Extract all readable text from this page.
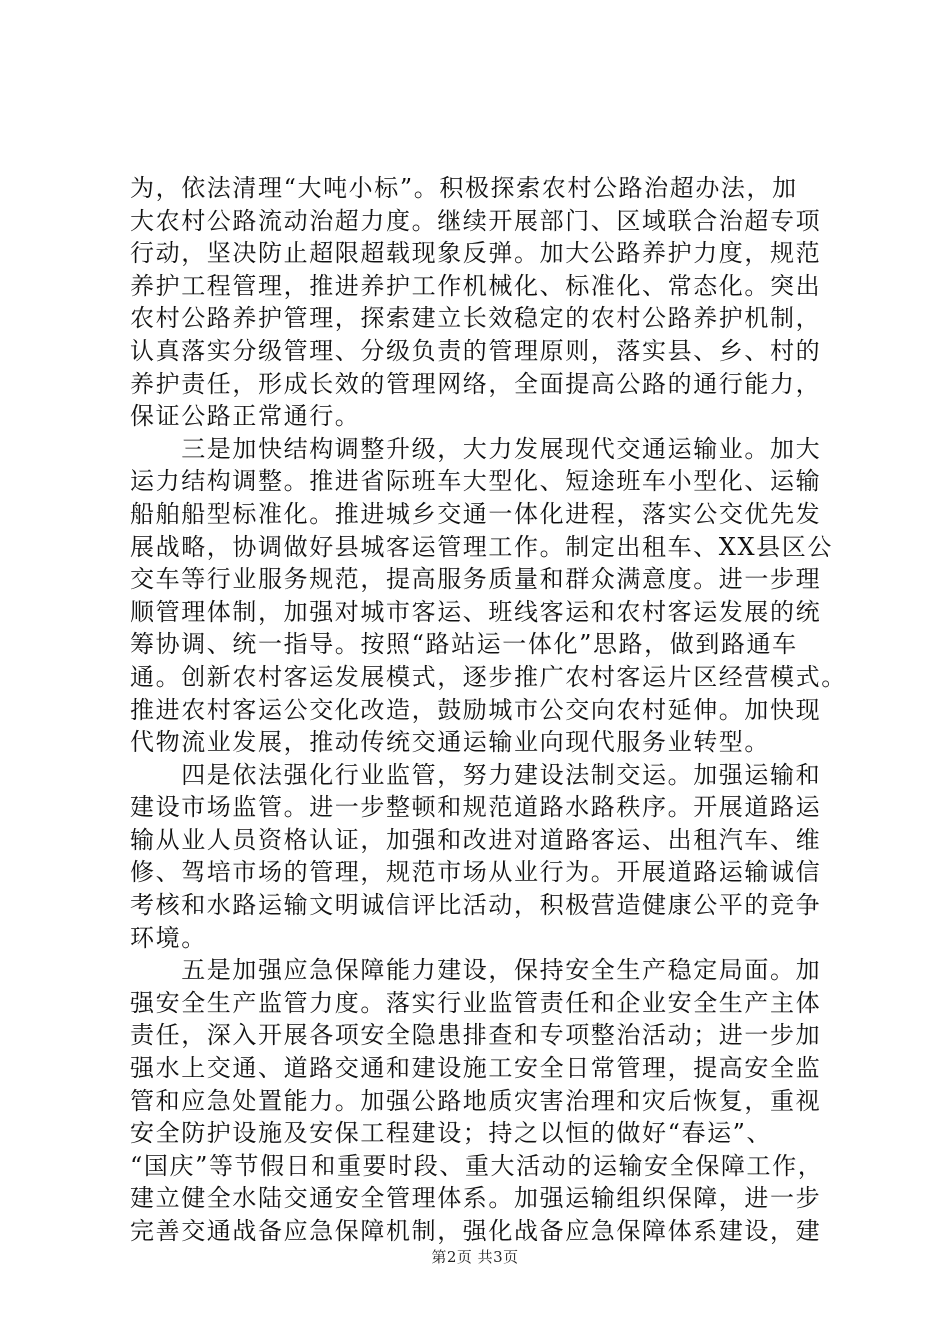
为，依法清理“大吨小标”。积极探索农村公路治超办法，加
大农村公路流动治超力度。继续开展部门、区域联合治超专项
行动，坚决防止超限超载现象反弹。加大公路养护力度，规范
养护工程管理，推进养护工作机械化、标准化、常态化。突出
农村公路养护管理，探索建立长效稳定的农村公路养护机制，
认真落实分级管理、分级负责的管理原则，落实县、乡、村的
养护责任，形成长效的管理网络，全面提高公路的通行能力，
保证公路正常通行。
　　三是加快结构调整升级，大力发展现代交通运输业。加大
运力结构调整。推进省际班车大型化、短途班车小型化、运输
船舶船型标准化。推进城乡交通一体化进程，落实公交优先发
展战略，协调做好县城客运管理工作。制定出租车、XX县区公
交车等行业服务规范，提高服务质量和群众满意度。进一步理
顺管理体制，加强对城市客运、班线客运和农村客运发展的统
筹协调、统一指导。按照“路站运一体化”思路，做到路通车
通。创新农村客运发展模式，逐步推广农村客运片区经营模式。
推进农村客运公交化改造，鼓励城市公交向农村延伸。加快现
代物流业发展，推动传统交通运输业向现代服务业转型。
　　四是依法强化行业监管，努力建设法制交运。加强运输和
建设市场监管。进一步整顿和规范道路水路秩序。开展道路运
输从业人员资格认证，加强和改进对道路客运、出租汽车、维
修、驾培市场的管理，规范市场从业行为。开展道路运输诚信
考核和水路运输文明诚信评比活动，积极营造健康公平的竞争
环境。
　　五是加强应急保障能力建设，保持安全生产稳定局面。加
强安全生产监管力度。落实行业监管责任和企业安全生产主体
责任，深入开展各项安全隐患排查和专项整治活动；进一步加
强水上交通、道路交通和建设施工安全日常管理，提高安全监
管和应急处置能力。加强公路地质灾害治理和灾后恢复，重视
安全防护设施及安保工程建设；持之以恒的做好“春运”、
“国庆”等节假日和重要时段、重大活动的运输安全保障工作，
建立健全水陆交通安全管理体系。加强运输组织保障，进一步
完善交通战备应急保障机制，强化战备应急保障体系建设，建
第2页 共3页
